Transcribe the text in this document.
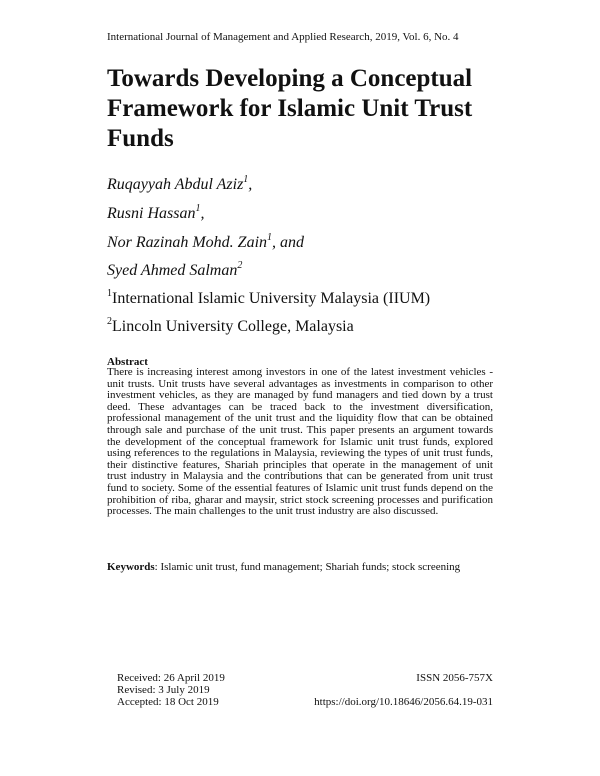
International Journal of Management and Applied Research, 2019, Vol. 6, No. 4
Towards Developing a Conceptual
Framework for Islamic Unit Trust
Funds
Ruqayyah Abdul Aziz$^1$,
Rusni Hassan$^1$,
Nor Razinah Mohd. Zain$^1$, and
Syed Ahmed Salman$^2$
$^1$International Islamic University Malaysia (IIUM)
$^2$Lincoln University College, Malaysia
Abstract
There is increasing interest among investors in one of the latest investment vehicles - unit trusts. Unit trusts have several advantages as investments in comparison to other investment vehicles, as they are managed by fund managers and tied down by a trust deed. These advantages can be traced back to the investment diversification, professional management of the unit trust and the liquidity flow that can be obtained through sale and purchase of the unit trust. This paper presents an argument towards the development of the conceptual framework for Islamic unit trust funds, explored using references to the regulations in Malaysia, reviewing the types of unit trust funds, their distinctive features, Shariah principles that operate in the management of unit trust industry in Malaysia and the contributions that can be generated from unit trust fund to society. Some of the essential features of Islamic unit trust funds depend on the prohibition of riba, gharar and maysir, strict stock screening processes and purification processes. The main challenges to the unit trust industry are also discussed.
Keywords: Islamic unit trust, fund management; Shariah funds; stock screening
Received: 26 April 2019
Revised: 3 July 2019
Accepted: 18 Oct 2019
ISSN 2056-757X
https://doi.org/10.18646/2056.64.19-031
